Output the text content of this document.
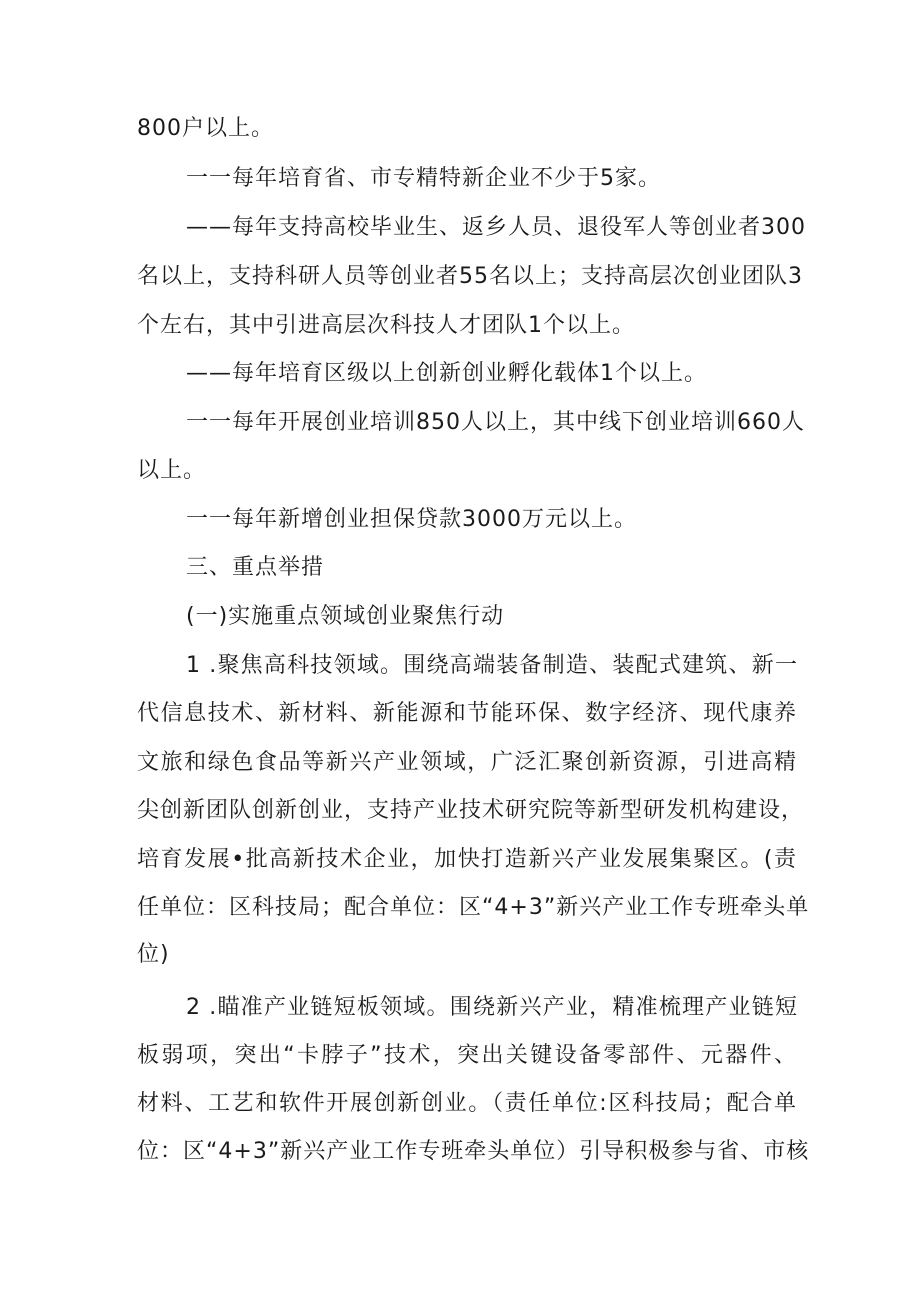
800户以上。
一一每年培育省、市专精特新企业不少于5家。
——每年支持高校毕业生、返乡人员、退役军人等创业者300
名以上，支持科研人员等创业者55名以上；支持高层次创业团队3
个左右，其中引进高层次科技人才团队1个以上。
——每年培育区级以上创新创业孵化载体1个以上。
一一每年开展创业培训850人以上，其中线下创业培训660人
以上。
一一每年新增创业担保贷款3000万元以上。
三、重点举措
(一)实施重点领域创业聚焦行动
1 .聚焦高科技领域。围绕高端装备制造、装配式建筑、新一
代信息技术、新材料、新能源和节能环保、数字经济、现代康养
文旅和绿色食品等新兴产业领域，广泛汇聚创新资源，引进高精
尖创新团队创新创业，支持产业技术研究院等新型研发机构建设，
培育发展•批高新技术企业，加快打造新兴产业发展集聚区。(责
任单位：区科技局；配合单位：区“4+3”新兴产业工作专班牵头单
位)
2 .瞄准产业链短板领域。围绕新兴产业，精准梳理产业链短
板弱项，突出“卡脖子”技术，突出关键设备零部件、元器件、
材料、工艺和软件开展创新创业。（责任单位:区科技局；配合单
位：区“4+3”新兴产业工作专班牵头单位）引导积极参与省、市核
